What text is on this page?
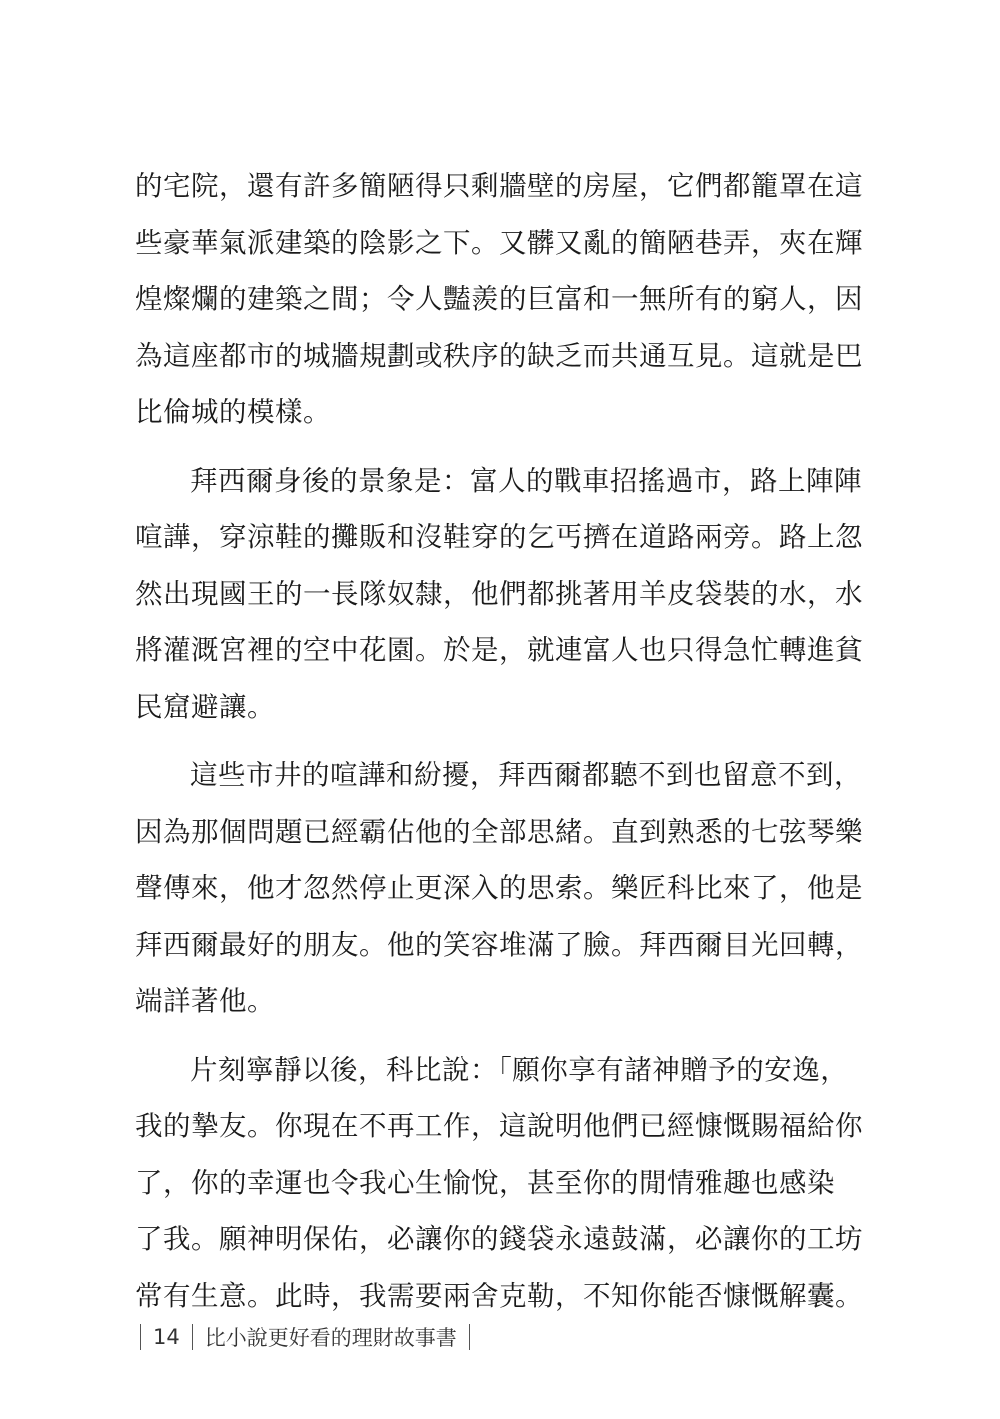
的宅院，還有許多簡陋得只剩牆壁的房屋，它們都籠罩在這
些豪華氣派建築的陰影之下。又髒又亂的簡陋巷弄，夾在輝
煌燦爛的建築之間；令人豔羨的巨富和一無所有的窮人，因
為這座都市的城牆規劃或秩序的缺乏而共通互見。這就是巴
比倫城的模樣。
拜西爾身後的景象是：富人的戰車招搖過市，路上陣陣
喧譁，穿涼鞋的攤販和沒鞋穿的乞丐擠在道路兩旁。路上忽
然出現國王的一長隊奴隸，他們都挑著用羊皮袋裝的水，水
將灌溉宮裡的空中花園。於是，就連富人也只得急忙轉進貧
民窟避讓。
這些市井的喧譁和紛擾，拜西爾都聽不到也留意不到，
因為那個問題已經霸佔他的全部思緒。直到熟悉的七弦琴樂
聲傳來，他才忽然停止更深入的思索。樂匠科比來了，他是
拜西爾最好的朋友。他的笑容堆滿了臉。拜西爾目光回轉，
端詳著他。
片刻寧靜以後，科比說：「願你享有諸神贈予的安逸，
我的摯友。你現在不再工作，這說明他們已經慷慨賜福給你
了，你的幸運也令我心生愉悅，甚至你的閒情雅趣也感染
了我。願神明保佑，必讓你的錢袋永遠鼓滿，必讓你的工坊
常有生意。此時，我需要兩舍克勒，不知你能否慷慨解囊。
14 比小說更好看的理財故事書
